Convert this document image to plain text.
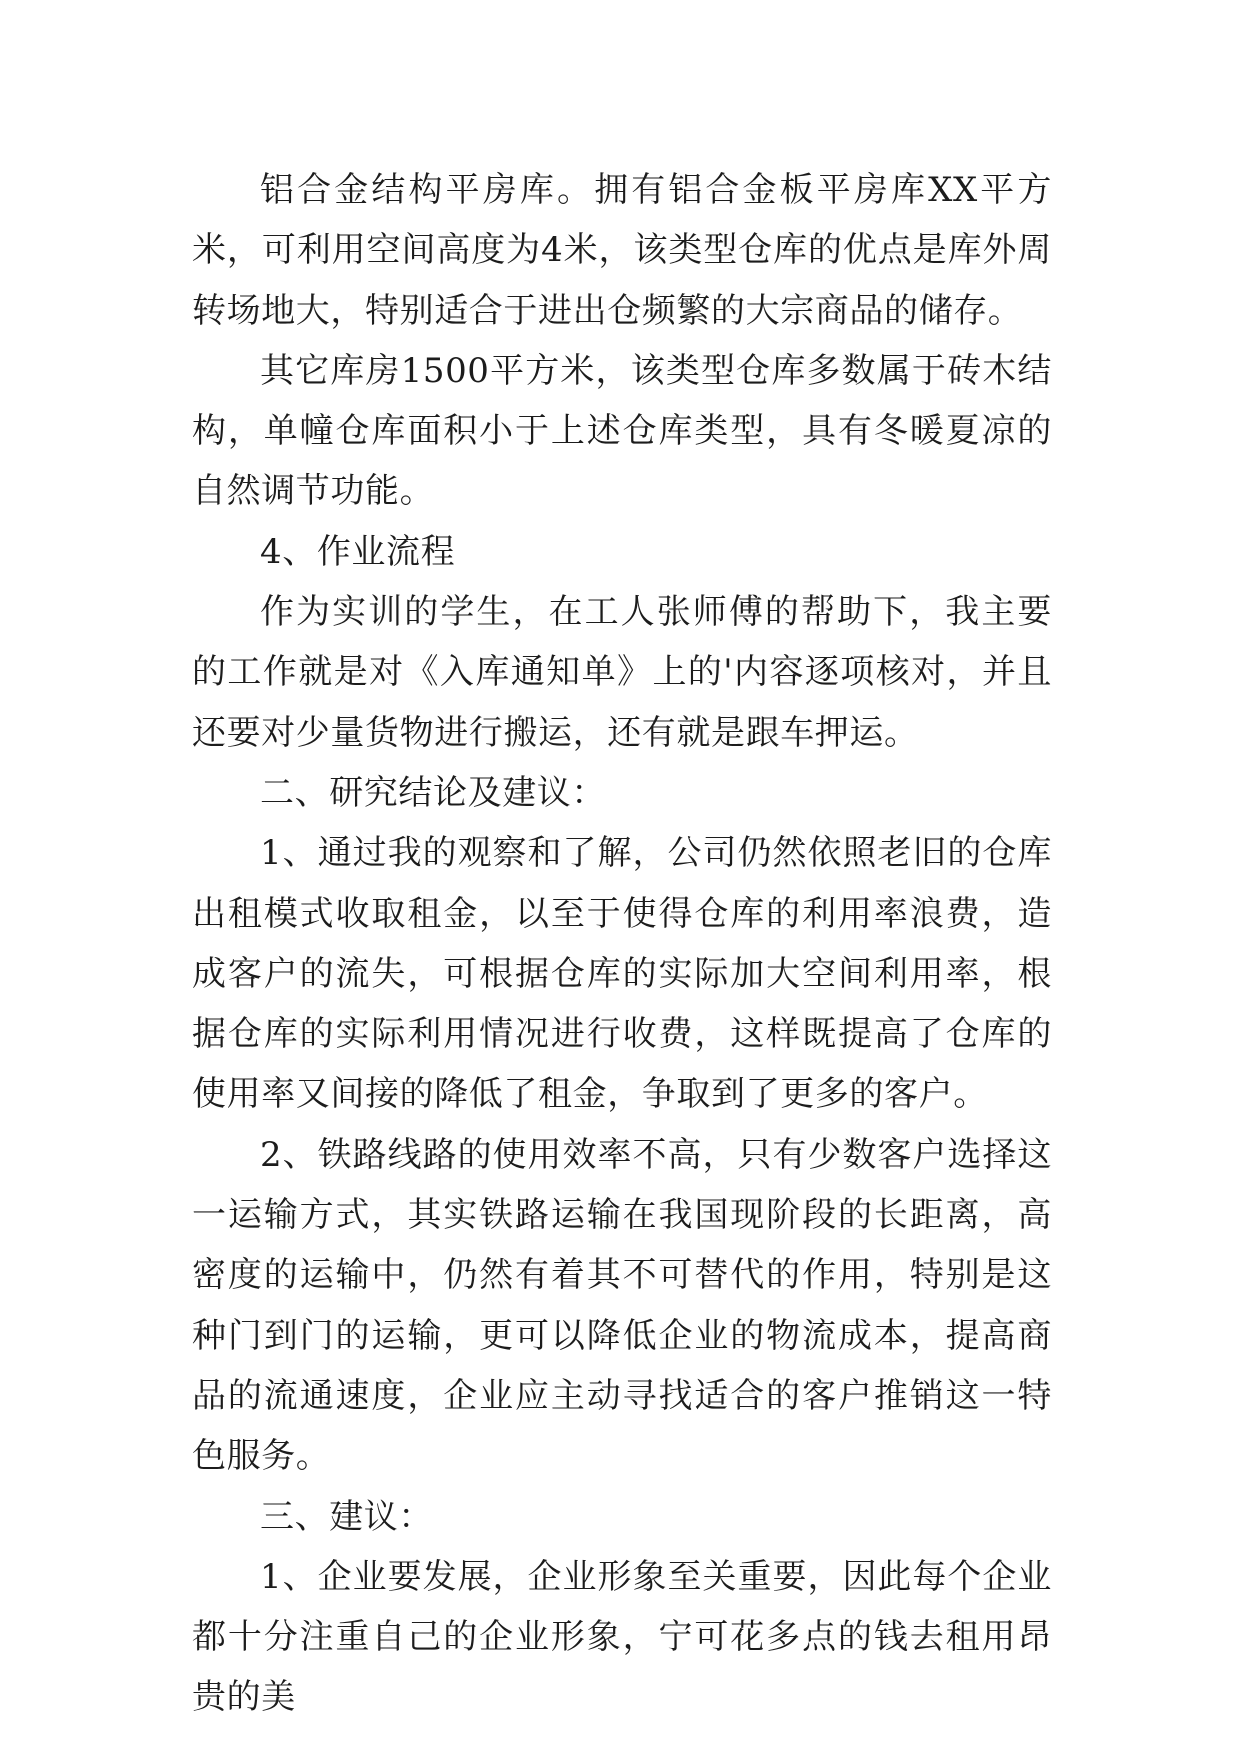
铝合金结构平房库。拥有铝合金板平房库XX平方米，可利用空间高度为4米，该类型仓库的优点是库外周转场地大，特别适合于进出仓频繁的大宗商品的储存。

其它库房1500平方米，该类型仓库多数属于砖木结构，单幢仓库面积小于上述仓库类型，具有冬暖夏凉的自然调节功能。

4、作业流程

作为实训的学生，在工人张师傅的帮助下，我主要的工作就是对《入库通知单》上的'内容逐项核对，并且还要对少量货物进行搬运，还有就是跟车押运。

二、研究结论及建议：

1、通过我的观察和了解，公司仍然依照老旧的仓库出租模式收取租金，以至于使得仓库的利用率浪费，造成客户的流失，可根据仓库的实际加大空间利用率，根据仓库的实际利用情况进行收费，这样既提高了仓库的使用率又间接的降低了租金，争取到了更多的客户。

2、铁路线路的使用效率不高，只有少数客户选择这一运输方式，其实铁路运输在我国现阶段的长距离，高密度的运输中，仍然有着其不可替代的作用，特别是这种门到门的运输，更可以降低企业的物流成本，提高商品的流通速度，企业应主动寻找适合的客户推销这一特色服务。

三、建议：

1、企业要发展，企业形象至关重要，因此每个企业都十分注重自己的企业形象，宁可花多点的钱去租用昂贵的美
